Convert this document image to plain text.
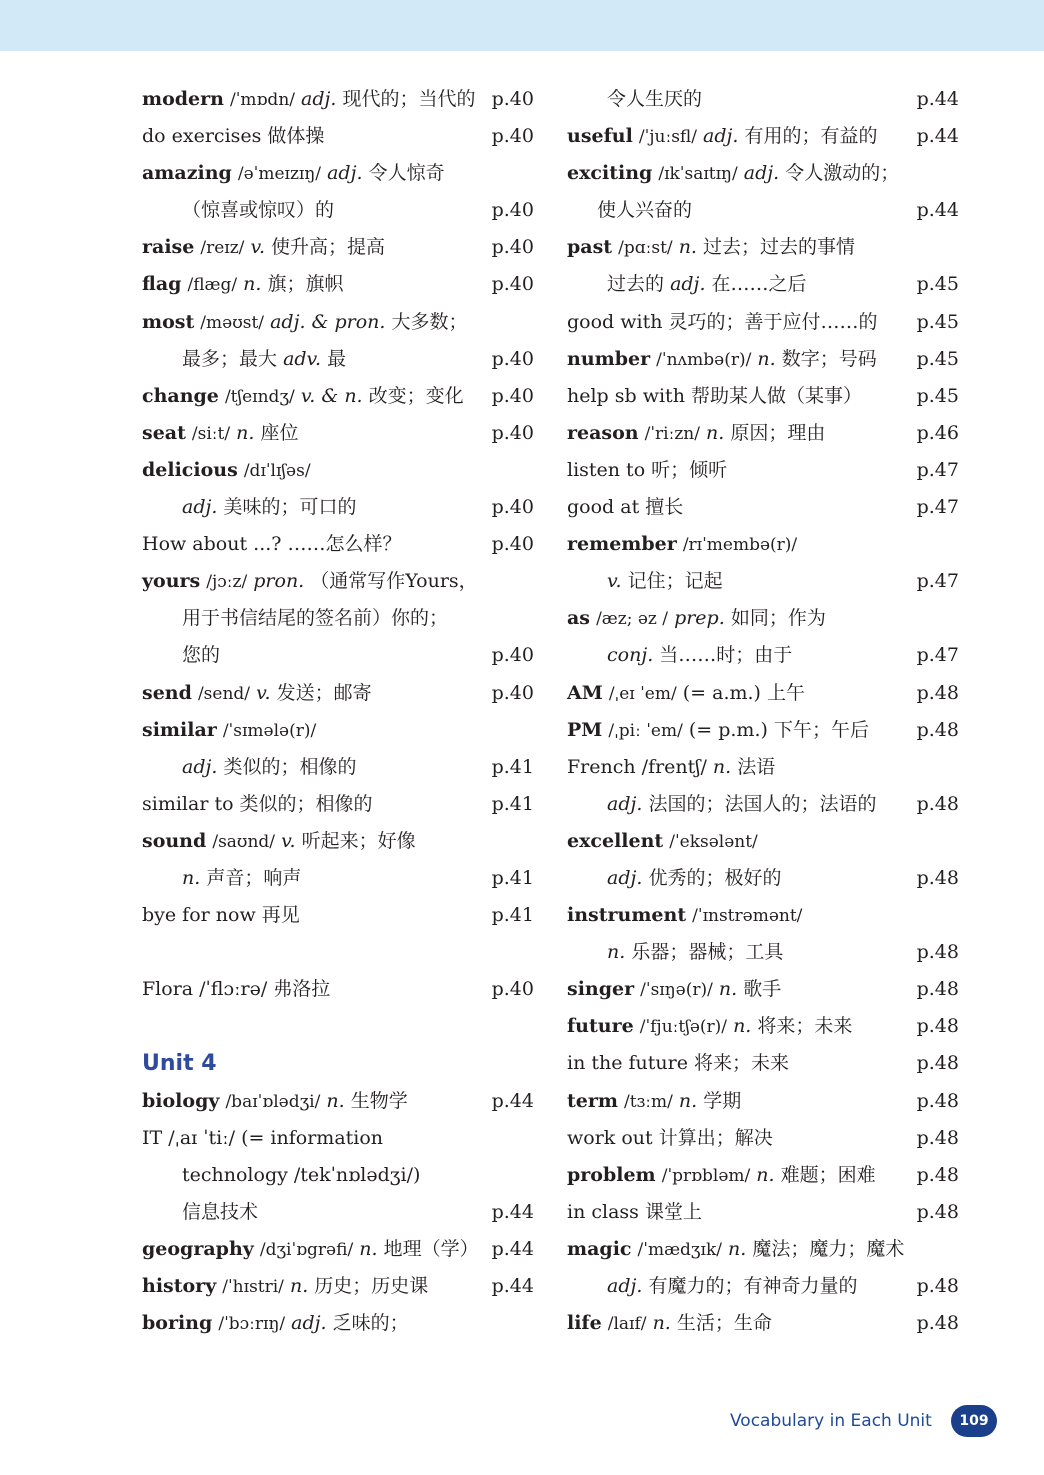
modern /ˈmɒdn/ adj. 现代的；当代的 p.40
do exercises 做体操	p.40
amazing /əˈmeɪzɪŋ/ adj. 令人惊奇
（惊喜或惊叹）的	p.40
raise /reɪz/ v. 使升高；提高	p.40
flag /flæg/ n. 旗；旗帜	p.40
most /məʊst/ adj. & pron. 大多数；
最多；最大 adv. 最	p.40
change /tʃeɪndʒ/ v. & n. 改变；变化 p.40
seat /siːt/ n. 座位	p.40
delicious /dɪˈlɪʃəs/
adj. 美味的；可口的	p.40
How about ...? ……怎么样？	p.40
yours /jɔːz/ pron. （通常写作Yours，
用于书信结尾的签名前）你的；
您的	p.40
send /send/ v. 发送；邮寄	p.40
similar /ˈsɪmələ(r)/
adj. 类似的；相像的	p.41
similar to 类似的；相像的	p.41
sound /saʊnd/ v. 听起来；好像
n. 声音；响声	p.41
bye for now 再见	p.41
Flora /ˈflɔːrə/ 弗洛拉	p.40
Unit 4
biology /baɪˈɒlədʒi/ n. 生物学	p.44
IT /ˌaɪ ˈtiː/ (= information
technology /tekˈnɒlədʒi/)
信息技术	p.44
geography /dʒiˈɒgrəfi/ n. 地理（学） p.44
history /ˈhɪstri/ n. 历史；历史课	p.44
boring /ˈbɔːrɪŋ/ adj. 乏味的；
令人生厌的	p.44
useful /ˈjuːsfl/ adj. 有用的；有益的 p.44
exciting /ɪkˈsaɪtɪŋ/ adj. 令人激动的；
使人兴奋的	p.44
past /pɑːst/ n. 过去；过去的事情
过去的 adj. 在……之后	p.45
good with 灵巧的；善于应付……的 p.45
number /ˈnʌmbə(r)/ n. 数字；号码 p.45
help sb with 帮助某人做（某事）	p.45
reason /ˈriːzn/ n. 原因；理由	p.46
listen to 听；倾听	p.47
good at 擅长	p.47
remember /rɪˈmembə(r)/
v. 记住；记起	p.47
as /æz; əz / prep. 如同；作为
conj. 当……时；由于	p.47
AM /ˌeɪ ˈem/ (= a.m.) 上午	p.48
PM /ˌpiː ˈem/ (= p.m.) 下午；午后	p.48
French /frentʃ/ n. 法语
adj. 法国的；法国人的；法语的 p.48
excellent /ˈeksələnt/
adj. 优秀的；极好的	p.48
instrument /ˈɪnstrəmənt/
n. 乐器；器械；工具	p.48
singer /ˈsɪŋə(r)/ n. 歌手	p.48
future /ˈfjuːtʃə(r)/ n. 将来；未来	p.48
in the future 将来；未来	p.48
term /tɜːm/ n. 学期	p.48
work out 计算出；解决	p.48
problem /ˈprɒbləm/ n. 难题；困难 p.48
in class 课堂上	p.48
magic /ˈmædʒɪk/ n. 魔法；魔力；魔术
adj. 有魔力的；有神奇力量的	p.48
life /laɪf/ n. 生活；生命	p.48
Vocabulary in Each Unit	109
